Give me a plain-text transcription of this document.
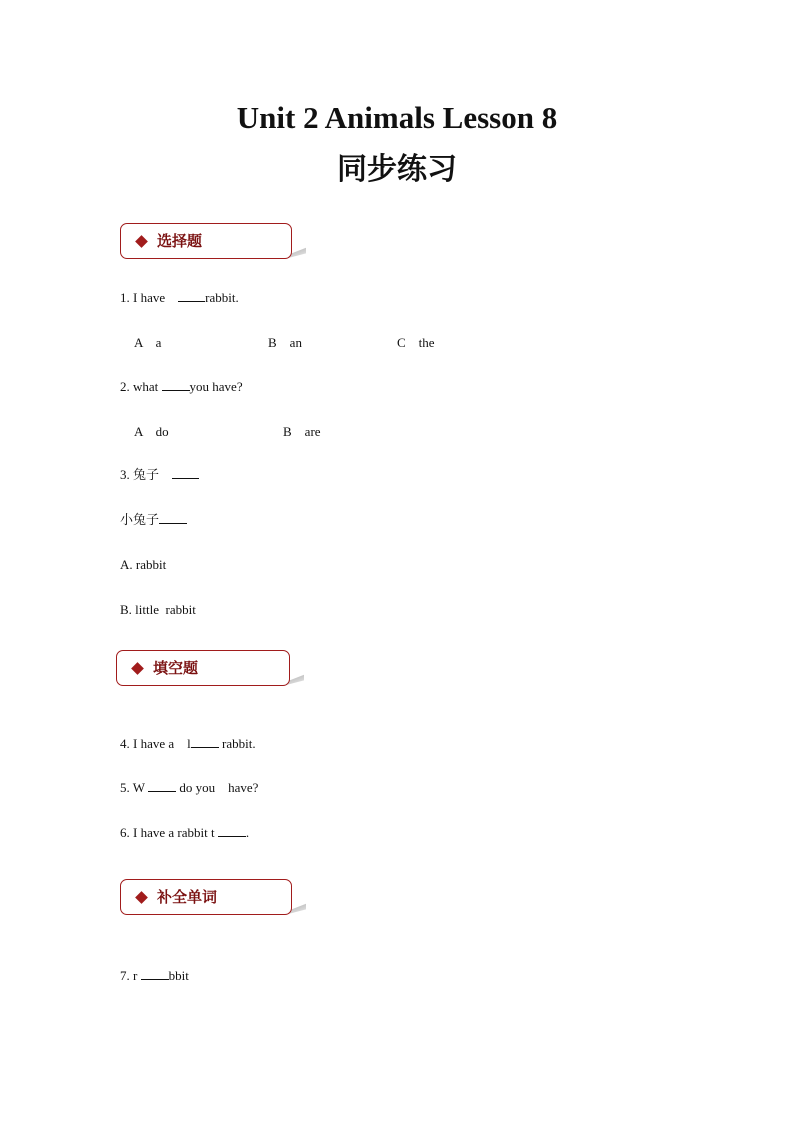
Unit 2 Animals Lesson 8
同步练习
选择题
1. I have	rabbit.
A a	B an	C the
2. what you have?
A do	B are
3. 兔子
小兔子
A. rabbit
B. little  rabbit
填空题
4. I have a l rabbit.
5. W	do you have?
6. I have a rabbit t .
补全单词
7. r bbit
